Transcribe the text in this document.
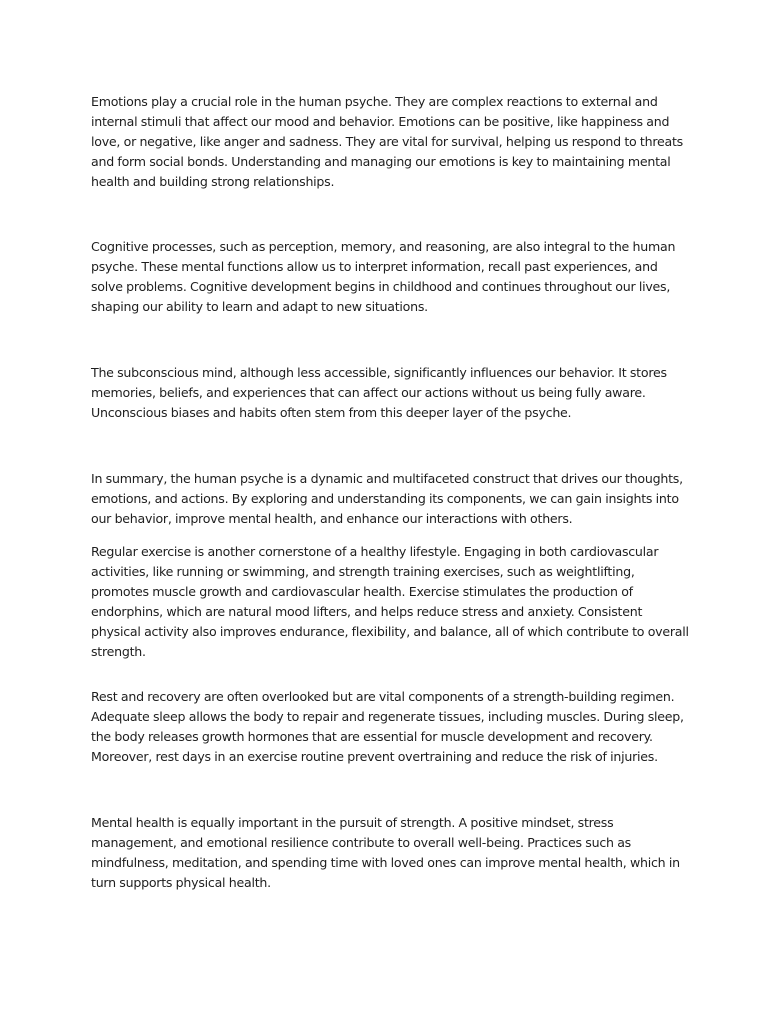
Emotions play a crucial role in the human psyche. They are complex reactions to external and internal stimuli that affect our mood and behavior. Emotions can be positive, like happiness and love, or negative, like anger and sadness. They are vital for survival, helping us respond to threats and form social bonds. Understanding and managing our emotions is key to maintaining mental health and building strong relationships.

Cognitive processes, such as perception, memory, and reasoning, are also integral to the human psyche. These mental functions allow us to interpret information, recall past experiences, and solve problems. Cognitive development begins in childhood and continues throughout our lives, shaping our ability to learn and adapt to new situations.

The subconscious mind, although less accessible, significantly influences our behavior. It stores memories, beliefs, and experiences that can affect our actions without us being fully aware. Unconscious biases and habits often stem from this deeper layer of the psyche.

In summary, the human psyche is a dynamic and multifaceted construct that drives our thoughts, emotions, and actions. By exploring and understanding its components, we can gain insights into our behavior, improve mental health, and enhance our interactions with others.

Regular exercise is another cornerstone of a healthy lifestyle. Engaging in both cardiovascular activities, like running or swimming, and strength training exercises, such as weightlifting, promotes muscle growth and cardiovascular health. Exercise stimulates the production of endorphins, which are natural mood lifters, and helps reduce stress and anxiety. Consistent physical activity also improves endurance, flexibility, and balance, all of which contribute to overall strength.

Rest and recovery are often overlooked but are vital components of a strength-building regimen. Adequate sleep allows the body to repair and regenerate tissues, including muscles. During sleep, the body releases growth hormones that are essential for muscle development and recovery. Moreover, rest days in an exercise routine prevent overtraining and reduce the risk of injuries.

Mental health is equally important in the pursuit of strength. A positive mindset, stress management, and emotional resilience contribute to overall well-being. Practices such as mindfulness, meditation, and spending time with loved ones can improve mental health, which in turn supports physical health.
